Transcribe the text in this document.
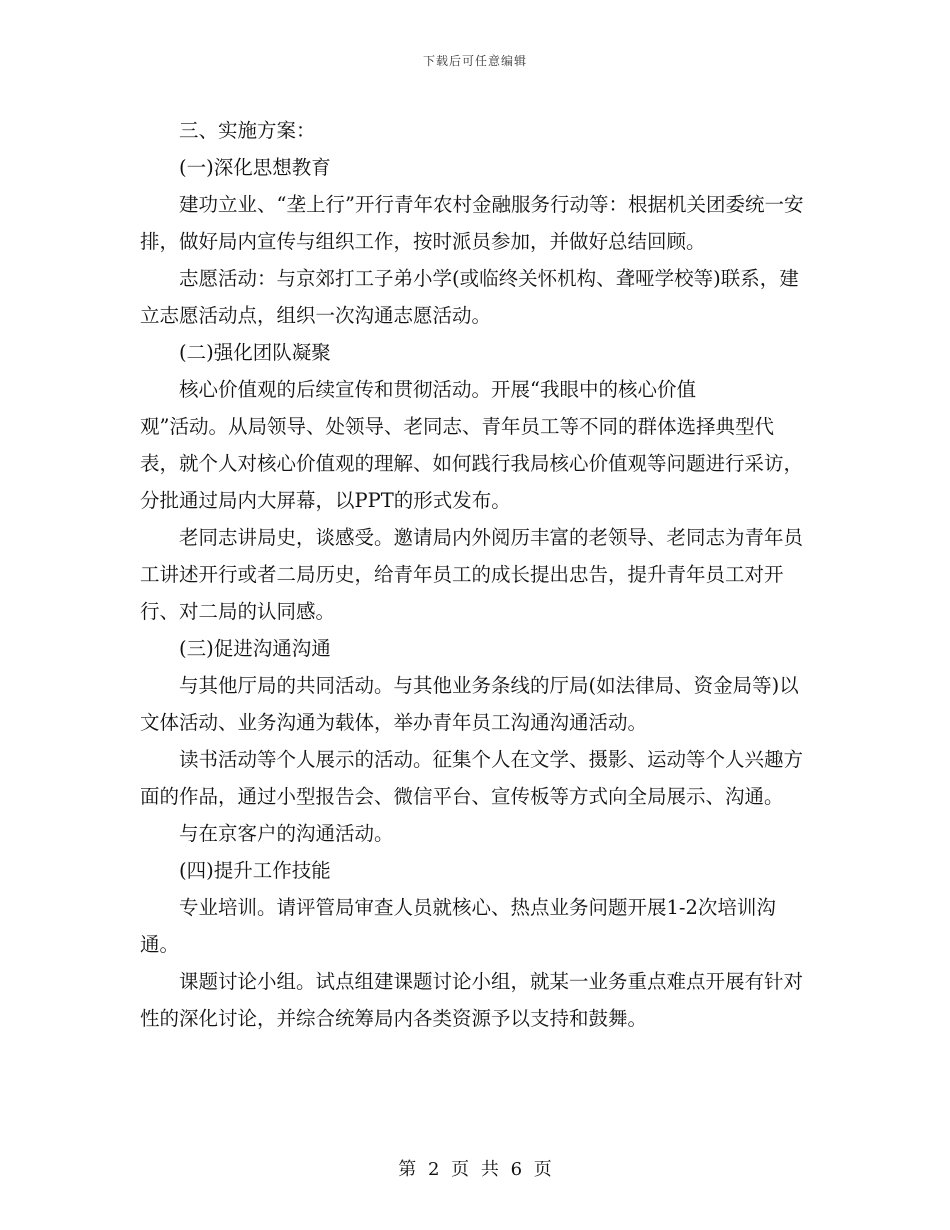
下载后可任意编辑

三、实施方案：

(一)深化思想教育

建功立业、“垄上行”开行青年农村金融服务行动等：根据机关团委统一安排，做好局内宣传与组织工作，按时派员参加，并做好总结回顾。

志愿活动：与京郊打工子弟小学(或临终关怀机构、聋哑学校等)联系，建立志愿活动点，组织一次沟通志愿活动。

(二)强化团队凝聚

核心价值观的后续宣传和贯彻活动。开展“我眼中的核心价值
观”活动。从局领导、处领导、老同志、青年员工等不同的群体选择典型代表，就个人对核心价值观的理解、如何践行我局核心价值观等问题进行采访，分批通过局内大屏幕，以PPT的形式发布。

老同志讲局史，谈感受。邀请局内外阅历丰富的老领导、老同志为青年员工讲述开行或者二局历史，给青年员工的成长提出忠告，提升青年员工对开行、对二局的认同感。

(三)促进沟通沟通

与其他厅局的共同活动。与其他业务条线的厅局(如法律局、资金局等)以文体活动、业务沟通为载体，举办青年员工沟通沟通活动。

读书活动等个人展示的活动。征集个人在文学、摄影、运动等个人兴趣方面的作品，通过小型报告会、微信平台、宣传板等方式向全局展示、沟通。

与在京客户的沟通活动。

(四)提升工作技能

专业培训。请评管局审查人员就核心、热点业务问题开展1-2次培训沟通。

课题讨论小组。试点组建课题讨论小组，就某一业务重点难点开展有针对性的深化讨论，并综合统筹局内各类资源予以支持和鼓舞。

第 2 页 共 6 页
